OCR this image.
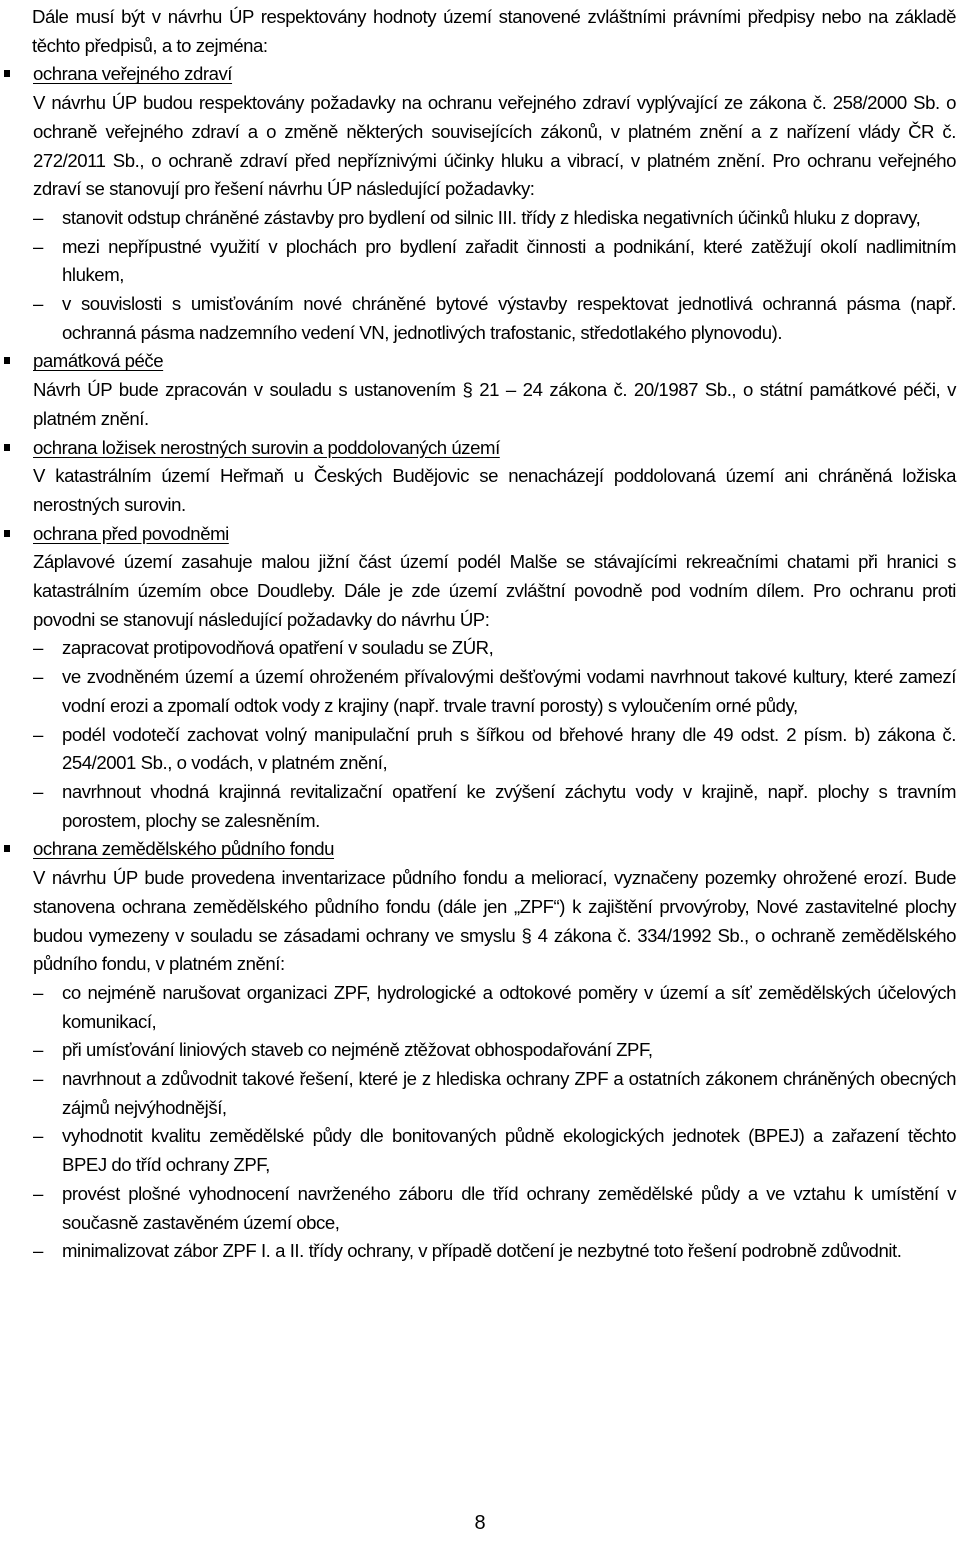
Dále musí být v návrhu ÚP respektovány hodnoty území stanovené zvláštními právními předpisy nebo na základě těchto předpisů, a to zejména:

ochrana veřejného zdraví

V návrhu ÚP budou respektovány požadavky na ochranu veřejného zdraví vyplývající ze zákona č. 258/2000 Sb. o ochraně veřejného zdraví a o změně některých souvisejících zákonů, v platném znění a z nařízení vlády ČR č. 272/2011 Sb., o ochraně zdraví před nepříznivými účinky hluku a vibrací, v platném znění. Pro ochranu veřejného zdraví se stanovují pro řešení návrhu ÚP následující požadavky:

– stanovit odstup chráněné zástavby pro bydlení od silnic III. třídy z hlediska negativních účinků hluku z dopravy,
– mezi nepřípustné využití v plochách pro bydlení zařadit činnosti a podnikání, které zatěžují okolí nadlimitním hlukem,
– v souvislosti s umisťováním nové chráněné bytové výstavby respektovat jednotlivá ochranná pásma (např. ochranná pásma nadzemního vedení VN, jednotlivých trafostanic, středotlakého plynovodu).

památková péče

Návrh ÚP bude zpracován v souladu s ustanovením § 21 – 24 zákona č. 20/1987 Sb., o státní památkové péči, v platném znění.

ochrana ložisek nerostných surovin a poddolovaných území

V katastrálním území Heřmaň u Českých Budějovic se nenacházejí poddolovaná území ani chráněná ložiska nerostných surovin.

ochrana před povodněmi

Záplavové území zasahuje malou jižní část území podél Malše se stávajícími rekreačními chatami při hranici s katastrálním územím obce Doudleby. Dále je zde území zvláštní povodně pod vodním dílem. Pro ochranu proti povodni se stanovují následující požadavky do návrhu ÚP:

– zapracovat protipovodňová opatření v souladu se ZÚR,
– ve zvodněném území a území ohroženém přívalovými dešťovými vodami navrhnout takové kultury, které zamezí vodní erozi a zpomalí odtok vody z krajiny (např. trvale travní porosty) s vyloučením orné půdy,
– podél vodotečí zachovat volný manipulační pruh s šířkou od břehové hrany dle 49 odst. 2 písm. b) zákona č. 254/2001 Sb., o vodách, v platném znění,
– navrhnout vhodná krajinná revitalizační opatření ke zvýšení záchytu vody v krajině, např. plochy s travním porostem, plochy se zalesněním.

ochrana zemědělského půdního fondu

V návrhu ÚP bude provedena inventarizace půdního fondu a meliorací, vyznačeny pozemky ohrožené erozí. Bude stanovena ochrana zemědělského půdního fondu (dále jen „ZPF“) k zajištění prvovýroby, Nové zastavitelné plochy budou vymezeny v souladu se zásadami ochrany ve smyslu § 4 zákona č. 334/1992 Sb., o ochraně zemědělského půdního fondu, v platném znění:

– co nejméně narušovat organizaci ZPF, hydrologické a odtokové poměry v území a síť zemědělských účelových komunikací,
– při umísťování liniových staveb co nejméně ztěžovat obhospodařování ZPF,
– navrhnout a zdůvodnit takové řešení, které je z hlediska ochrany ZPF a ostatních zákonem chráněných obecných zájmů nejvýhodnější,
– vyhodnotit kvalitu zemědělské půdy dle bonitovaných půdně ekologických jednotek (BPEJ) a zařazení těchto BPEJ do tříd ochrany ZPF,
– provést plošné vyhodnocení navrženého záboru dle tříd ochrany zemědělské půdy a ve vztahu k umístění v současně zastavěném území obce,
– minimalizovat zábor ZPF I. a II. třídy ochrany, v případě dotčení je nezbytné toto řešení podrobně zdůvodnit.
8
